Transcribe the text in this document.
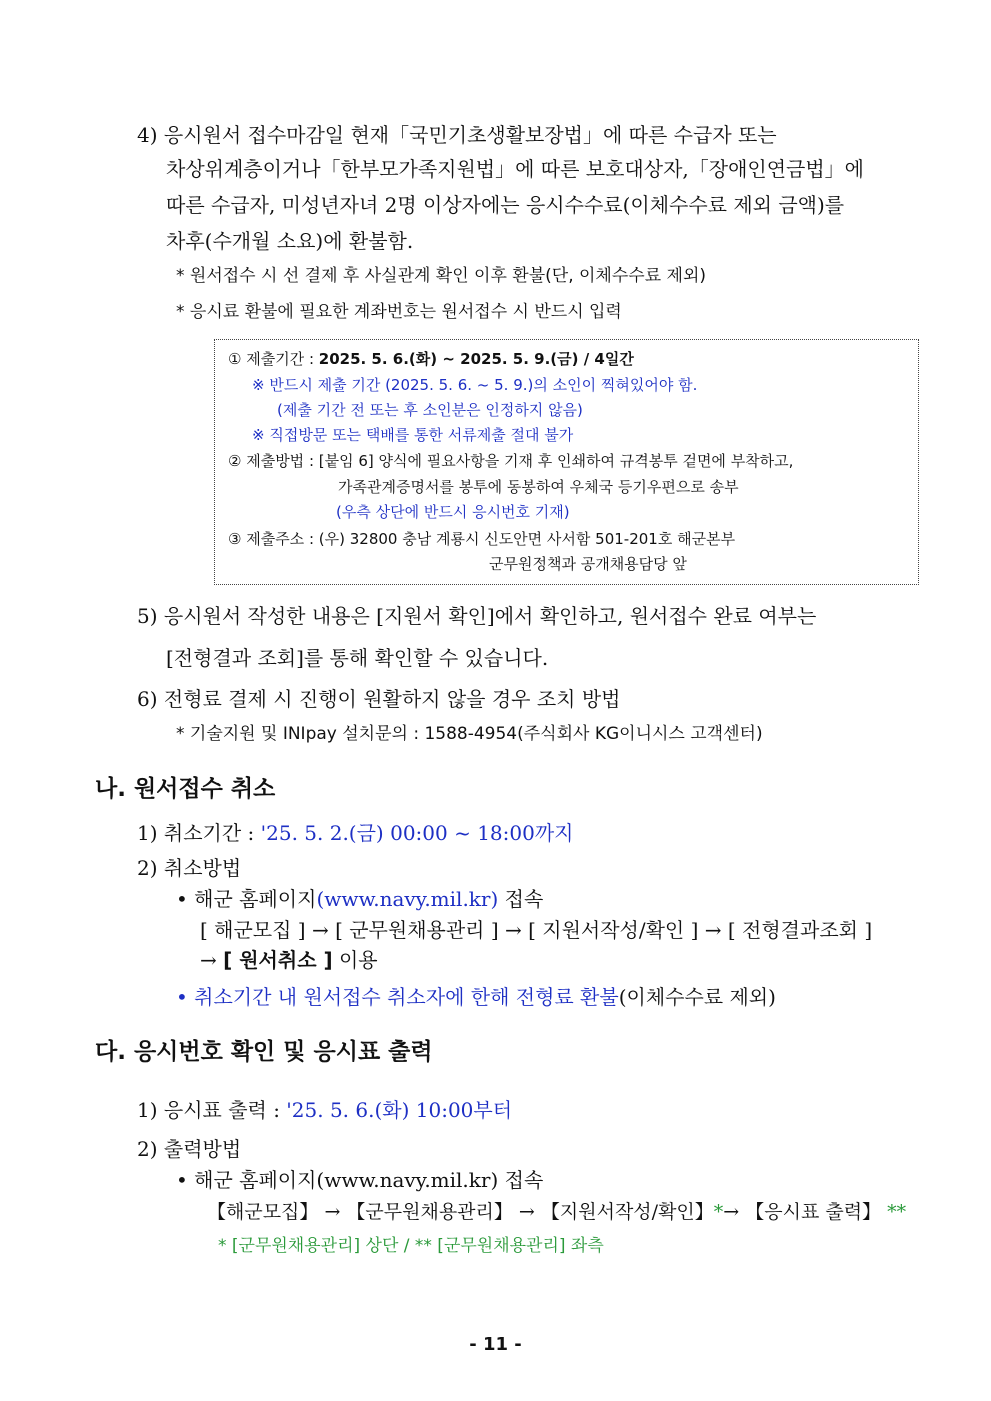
4) 응시원서 접수마감일 현재「국민기초생활보장법」에 따른 수급자 또는
차상위계층이거나「한부모가족지원법」에 따른 보호대상자,「장애인연금법」에
따른 수급자, 미성년자녀 2명 이상자에는 응시수수료(이체수수료 제외 금액)를
차후(수개월 소요)에 환불함.
* 원서접수 시 선 결제 후 사실관계 확인 이후 환불(단, 이체수수료 제외)
* 응시료 환불에 필요한 계좌번호는 원서접수 시 반드시 입력
① 제출기간 : 2025. 5. 6.(화) ~ 2025. 5. 9.(금) / 4일간
※ 반드시 제출 기간 (2025. 5. 6. ~ 5. 9.)의 소인이 찍혀있어야 함.
(제출 기간 전 또는 후 소인분은 인정하지 않음)
※ 직접방문 또는 택배를 통한 서류제출 절대 불가
② 제출방법 : [붙임 6] 양식에 필요사항을 기재 후 인쇄하여 규격봉투 겉면에 부착하고,
가족관계증명서를 봉투에 동봉하여 우체국 등기우편으로 송부
(우측 상단에 반드시 응시번호 기재)
③ 제출주소 : (우) 32800 충남 계룡시 신도안면 사서함 501-201호 해군본부
군무원정책과 공개채용담당 앞
5) 응시원서 작성한 내용은 [지원서 확인]에서 확인하고, 원서접수 완료 여부는
[전형결과 조회]를 통해 확인할 수 있습니다.
6) 전형료 결제 시 진행이 원활하지 않을 경우 조치 방법
* 기술지원 및 INIpay 설치문의 : 1588-4954(주식회사 KG이니시스 고객센터)
나. 원서접수 취소
1) 취소기간 : '25. 5. 2.(금) 00:00 ~ 18:00까지
2) 취소방법
• 해군 홈페이지(www.navy.mil.kr) 접속
[ 해군모집 ] → [ 군무원채용관리 ] → [ 지원서작성/확인 ] → [ 전형결과조회 ]
→ [ 원서취소 ] 이용
• 취소기간 내 원서접수 취소자에 한해 전형료 환불(이체수수료 제외)
다. 응시번호 확인 및 응시표 출력
1) 응시표 출력 : '25. 5. 6.(화) 10:00부터
2) 출력방법
• 해군 홈페이지(www.navy.mil.kr) 접속
【해군모집】 → 【군무원채용관리】 → 【지원서작성/확인】*→ 【응시표 출력】 **
* [군무원채용관리] 상단 / ** [군무원채용관리] 좌측
- 11 -
